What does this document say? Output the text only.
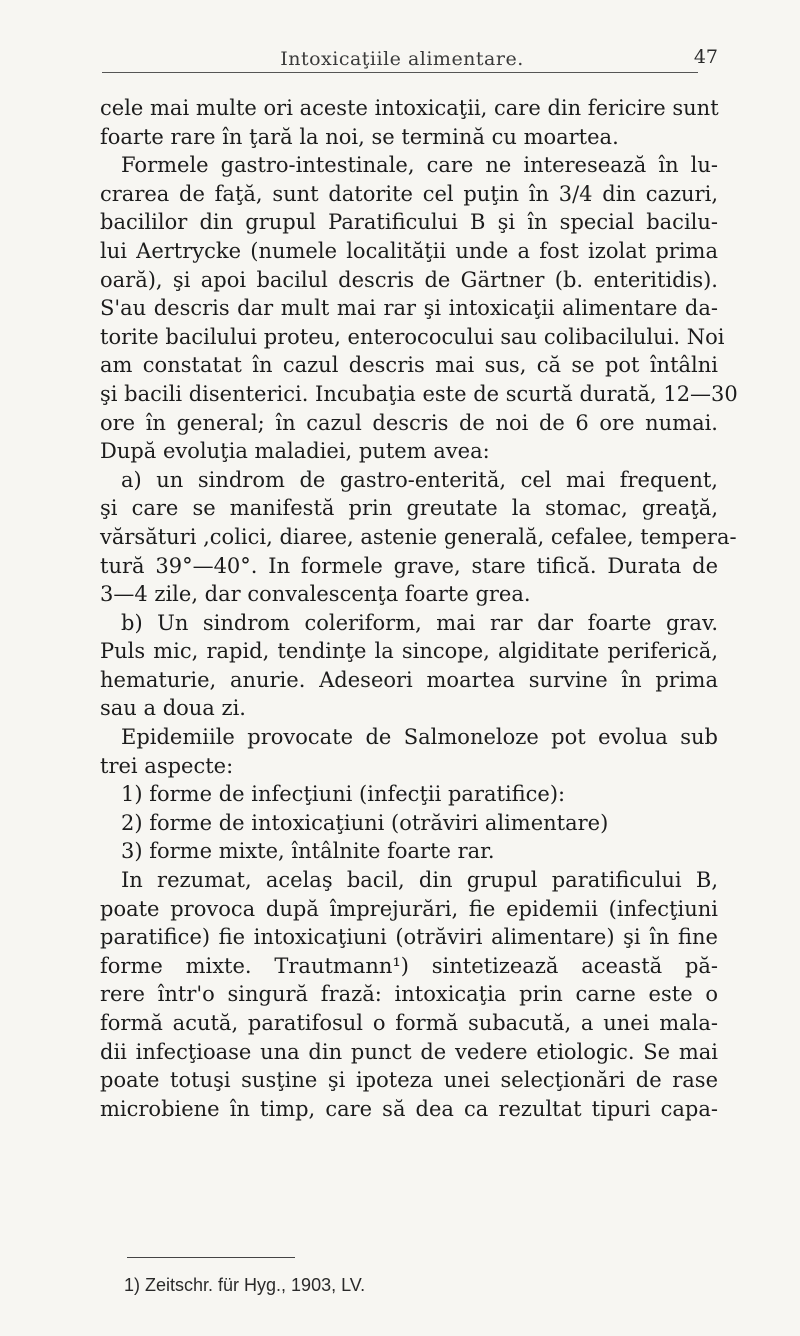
Intoxicaţiile alimentare.	47
cele mai multe ori aceste intoxicaţii, care din fericire sunt
foarte rare în ţară la noi, se termină cu moartea.
Formele gastro-intestinale, care ne interesează în lu-
crarea de faţă, sunt datorite cel puţin în 3/4 din cazuri,
bacililor din grupul Paratificului B şi în special bacilu-
lui Aertrycke (numele localităţii unde a fost izolat prima
oară), şi apoi bacilul descris de Gärtner (b. enteritidis).
S'au descris dar mult mai rar şi intoxicaţii alimentare da-
torite bacilului proteu, enterococului sau colibacilului. Noi
am constatat în cazul descris mai sus, că se pot întâlni
şi bacili disenterici. Incubaţia este de scurtă durată, 12—30
ore în general; în cazul descris de noi de 6 ore numai.
După evoluţia maladiei, putem avea:
a) un sindrom de gastro-enterită, cel mai frequent,
şi care se manifestă prin greutate la stomac, greaţă,
vărsături ,colici, diaree, astenie generală, cefalee, tempera-
tură 39°—40°. In formele grave, stare tifică. Durata de
3—4 zile, dar convalescenţa foarte grea.
b) Un sindrom coleriform, mai rar dar foarte grav.
Puls mic, rapid, tendinţe la sincope, algiditate periferică,
hematurie, anurie. Adeseori moartea survine în prima
sau a doua zi.
Epidemiile provocate de Salmoneloze pot evolua sub
trei aspecte:
1) forme de infecţiuni (infecţii paratifice):
2) forme de intoxicaţiuni (otrăviri alimentare)
3) forme mixte, întâlnite foarte rar.
In rezumat, acelaş bacil, din grupul paratificului B,
poate provoca după împrejurări, fie epidemii (infecţiuni
paratifice) fie intoxicaţiuni (otrăviri alimentare) şi în fine
forme mixte. Trautmann¹) sintetizează această pă-
rere într'o singură frază: intoxicaţia prin carne este o
formă acută, paratifosul o formă subacută, a unei mala-
dii infecţioase una din punct de vedere etiologic. Se mai
poate totuşi susţine şi ipoteza unei selecţionări de rase
microbiene în timp, care să dea ca rezultat tipuri capa-
1) Zeitschr. für Hyg., 1903, LV.
